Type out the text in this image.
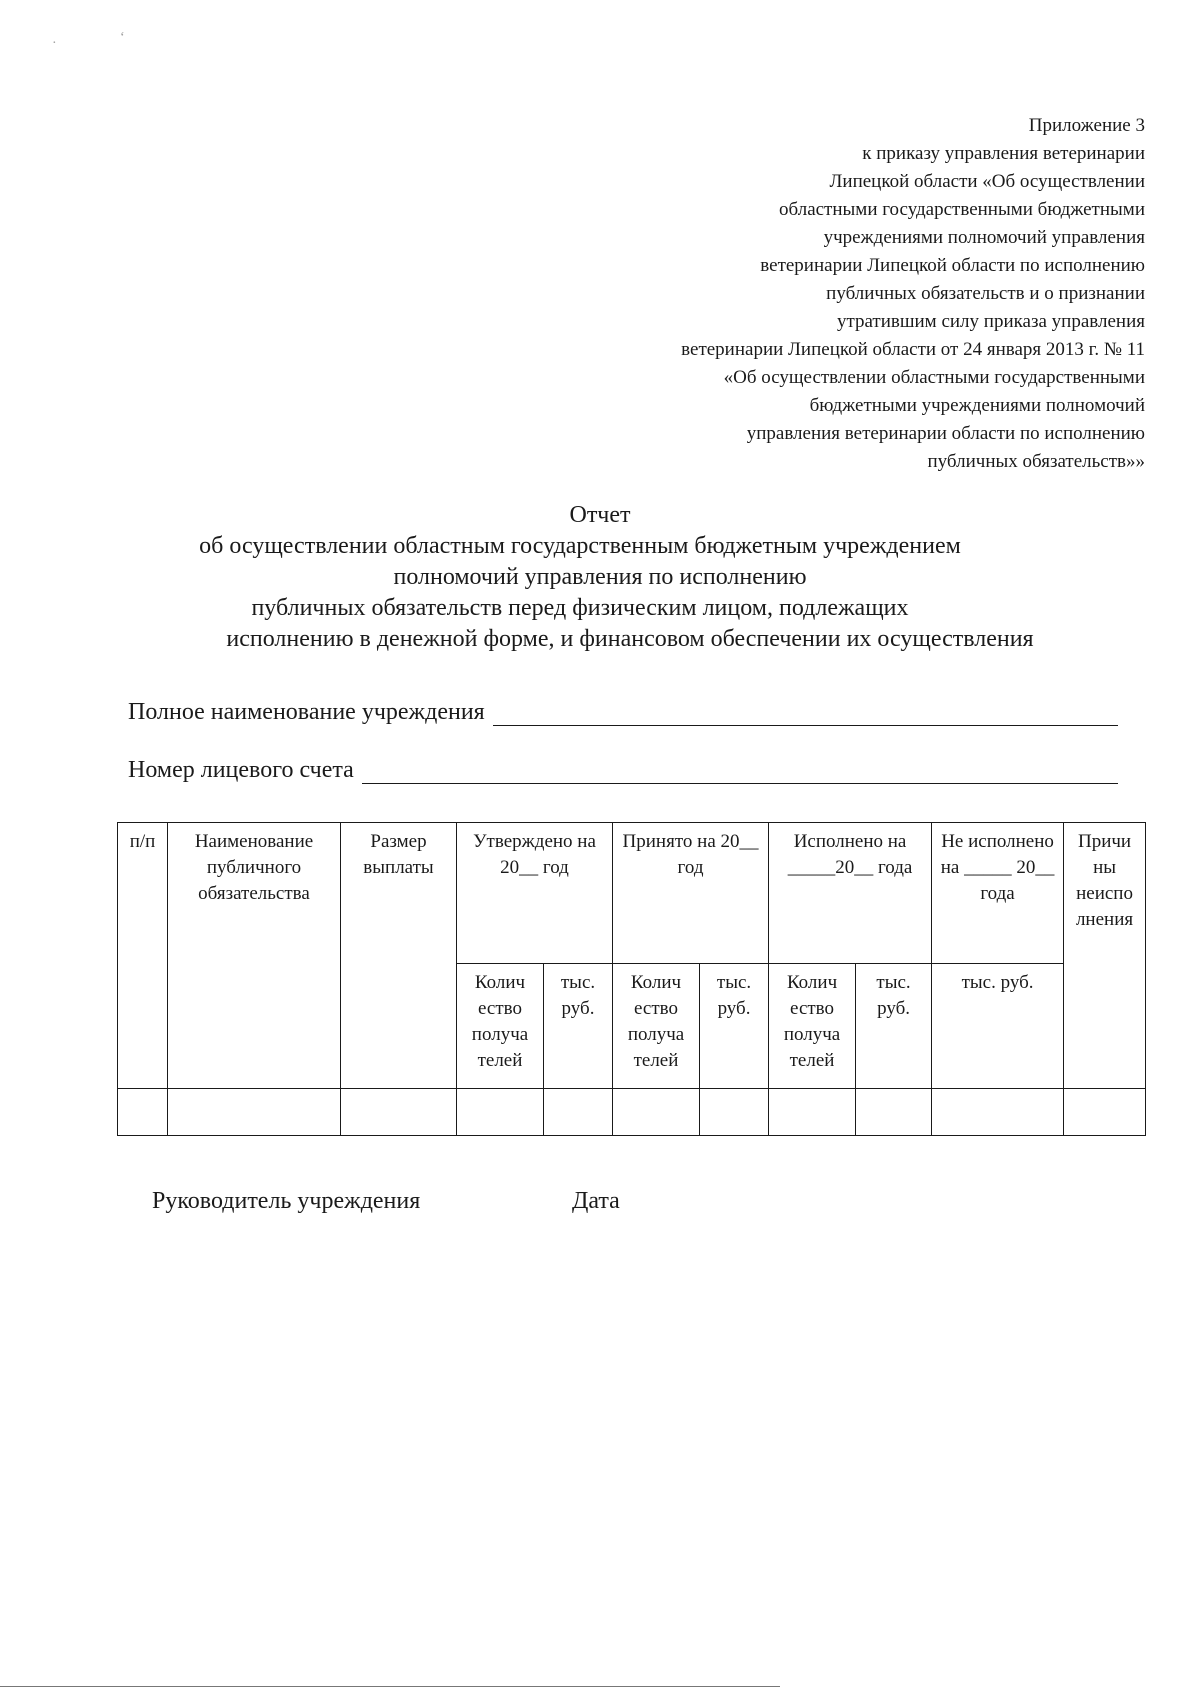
·	ʻ
Приложение 3
к приказу управления ветеринарии
Липецкой области «Об осуществлении
областными государственными бюджетными
учреждениями полномочий управления
ветеринарии Липецкой области по исполнению
публичных обязательств и о признании
утратившим силу приказа управления
ветеринарии Липецкой области от 24 января 2013 г. № 11
«Об осуществлении областными государственными
бюджетными учреждениями полномочий
управления ветеринарии области по исполнению
публичных обязательств»»
Отчет
об осуществлении областным государственным бюджетным учреждением
полномочий управления по исполнению
публичных обязательств перед физическим лицом, подлежащих
исполнению в денежной форме, и финансовом обеспечении их осуществления
Полное наименование учреждения
Номер лицевого счета
п/п	Наименование публичного обязательства	Размер выплаты	Утверждено на 20__ год		Принято на 20__ год		Исполнено на _____20__ года		Не исполнено на _____ 20__ года	Причи ны неиспо лнения
			Колич ество получа телей	тыс. руб.	Колич ество получа телей	тыс. руб.	Колич ество получа телей	тыс. руб.	тыс. руб.	

Руководитель учреждения	Дата
